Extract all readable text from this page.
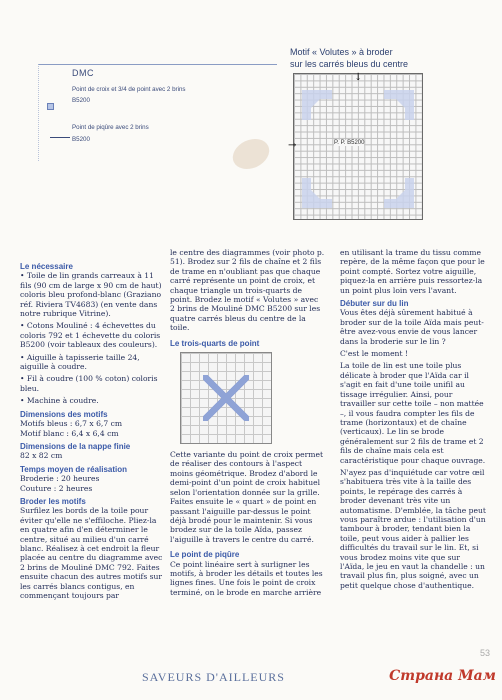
DMC
Point de croix et 3/4 de point avec 2 brins
B5200
Point de piqûre avec 2 brins
B5200
Motif « Volutes » à broder
sur les carrés bleus du centre
↓
→	P. P. B5200
Le nécessaire

• Toile de lin grands carreaux à 11 fils (90 cm de large x 90 cm de haut) coloris bleu profond-blanc (Graziano réf. Riviera TV4683) (en vente dans notre rubrique Vitrine).

• Cotons Mouliné : 4 échevettes du coloris 792 et 1 échevette du coloris B5200 (voir tableaux des couleurs).

• Aiguille à tapisserie taille 24, aiguille à coudre.

• Fil à coudre (100 % coton) coloris bleu.

• Machine à coudre.

Dimensions des motifs
Motifs bleus : 6,7 x 6,7 cm
Motif blanc : 6,4 x 6,4 cm
Dimensions de la nappe finie
82 x 82 cm
Temps moyen de réalisation
Broderie : 20 heures
Couture : 2 heures
Broder les motifs

Surfilez les bords de la toile pour éviter qu'elle ne s'effiloche. Pliez-la en quatre afin d'en déterminer le centre, situé au milieu d'un carré blanc. Réalisez à cet endroit la fleur placée au centre du diagramme avec 2 brins de Mouliné DMC 792. Faites ensuite chacun des autres motifs sur les carrés blancs contigus, en commençant toujours par

le centre des diagrammes (voir photo p. 51). Brodez sur 2 fils de chaîne et 2 fils de trame en n'oubliant pas que chaque carré représente un point de croix, et chaque triangle un trois-quarts de point. Brodez le motif « Volutes » avec 2 brins de Mouliné DMC B5200 sur les quatre carrés bleus du centre de la toile.

Le trois-quarts de point

Cette variante du point de croix permet de réaliser des contours à l'aspect moins géométrique. Brodez d'abord le demi-point d'un point de croix habituel selon l'orientation donnée sur la grille. Faites ensuite le « quart » de point en passant l'aiguille par-dessus le point déjà brodé pour le maintenir. Si vous brodez sur de la toile Aïda, passez l'aiguille à travers le centre du carré.

Le point de piqûre

Ce point linéaire sert à surligner les motifs, à broder les détails et toutes les lignes fines. Une fois le point de croix terminé, on le brode en marche arrière

en utilisant la trame du tissu comme repère, de la même façon que pour le point compté. Sortez votre aiguille, piquez-la en arrière puis ressortez-la un point plus loin vers l'avant.

Débuter sur du lin

Vous êtes déjà sûrement habitué à broder sur de la toile Aïda mais peut-être avez-vous envie de vous lancer dans la broderie sur le lin ?

C'est le moment !

La toile de lin est une toile plus délicate à broder que l'Aïda car il s'agit en fait d'une toile unifil au tissage irrégulier. Ainsi, pour travailler sur cette toile – non mattée –, il vous faudra compter les fils de trame (horizontaux) et de chaîne (verticaux). Le lin se brode généralement sur 2 fils de trame et 2 fils de chaîne mais cela est caractéristique pour chaque ouvrage.

N'ayez pas d'inquiétude car votre œil s'habituera très vite à la taille des points, le repérage des carrés à broder devenant très vite un automatisme. D'emblée, la tâche peut vous paraître ardue : l'utilisation d'un tambour à broder, tendant bien la toile, peut vous aider à pallier les difficultés du travail sur le lin. Et, si vous brodez moins vite que sur l'Aïda, le jeu en vaut la chandelle : un travail plus fin, plus soigné, avec un petit quelque chose d'authentique.

SAVEURS D'AILLEURS
53
Страна Мам
